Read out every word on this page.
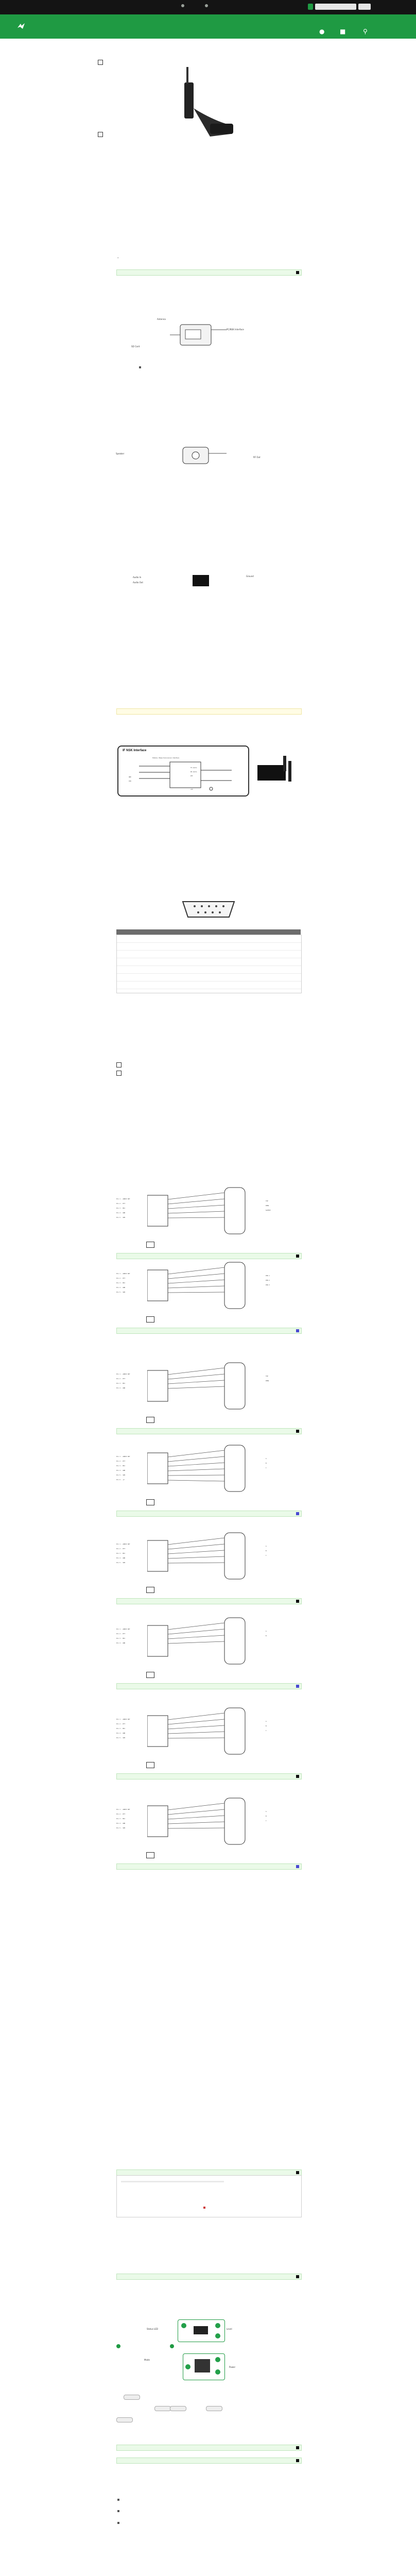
● ■	⚲
•
Antenna
PC/NSK Interface
SD Card
Speaker
RF Out
Audio In
Audio Out
Ground
IF NSK Interface
Mobile / Base transceiver interface
TX Audio
RX Audio
PTT
GND
COR
+5V
Pin 1 - AUDIO OUT
Pin 2 - PTT
Pin 3 - MIC
Pin 4 - GND
Pin 5 - SPK
TIP
RING
SLEEVE
Pin 1 - AUDIO OUT
Pin 2 - PTT
Pin 3 - MIC
Pin 4 - GND
Pin 5 - SPK
PIN 1
PIN 2
PIN 3
Pin 1 - AUDIO OUT
Pin 2 - PTT
Pin 3 - MIC
Pin 4 - GND
TIP
RING
Pin 1 - AUDIO OUT
Pin 2 - PTT
Pin 3 - MIC
Pin 4 - GND
Pin 5 - SPK
Pin 6 - +V
A
B
C
Pin 1 - AUDIO OUT
Pin 2 - PTT
Pin 3 - MIC
Pin 4 - GND
Pin 5 - SPK
A
B
C
Pin 1 - AUDIO OUT
Pin 2 - PTT
Pin 3 - MIC
Pin 4 - GND
A
B
Pin 1 - AUDIO OUT
Pin 2 - PTT
Pin 3 - MIC
Pin 4 - GND
Pin 5 - SPK
A
B
C
Pin 1 - AUDIO OUT
Pin 2 - PTT
Pin 3 - MIC
Pin 4 - GND
Pin 5 - SPK
A
B
C
Status LED	Level
Mode
Power
